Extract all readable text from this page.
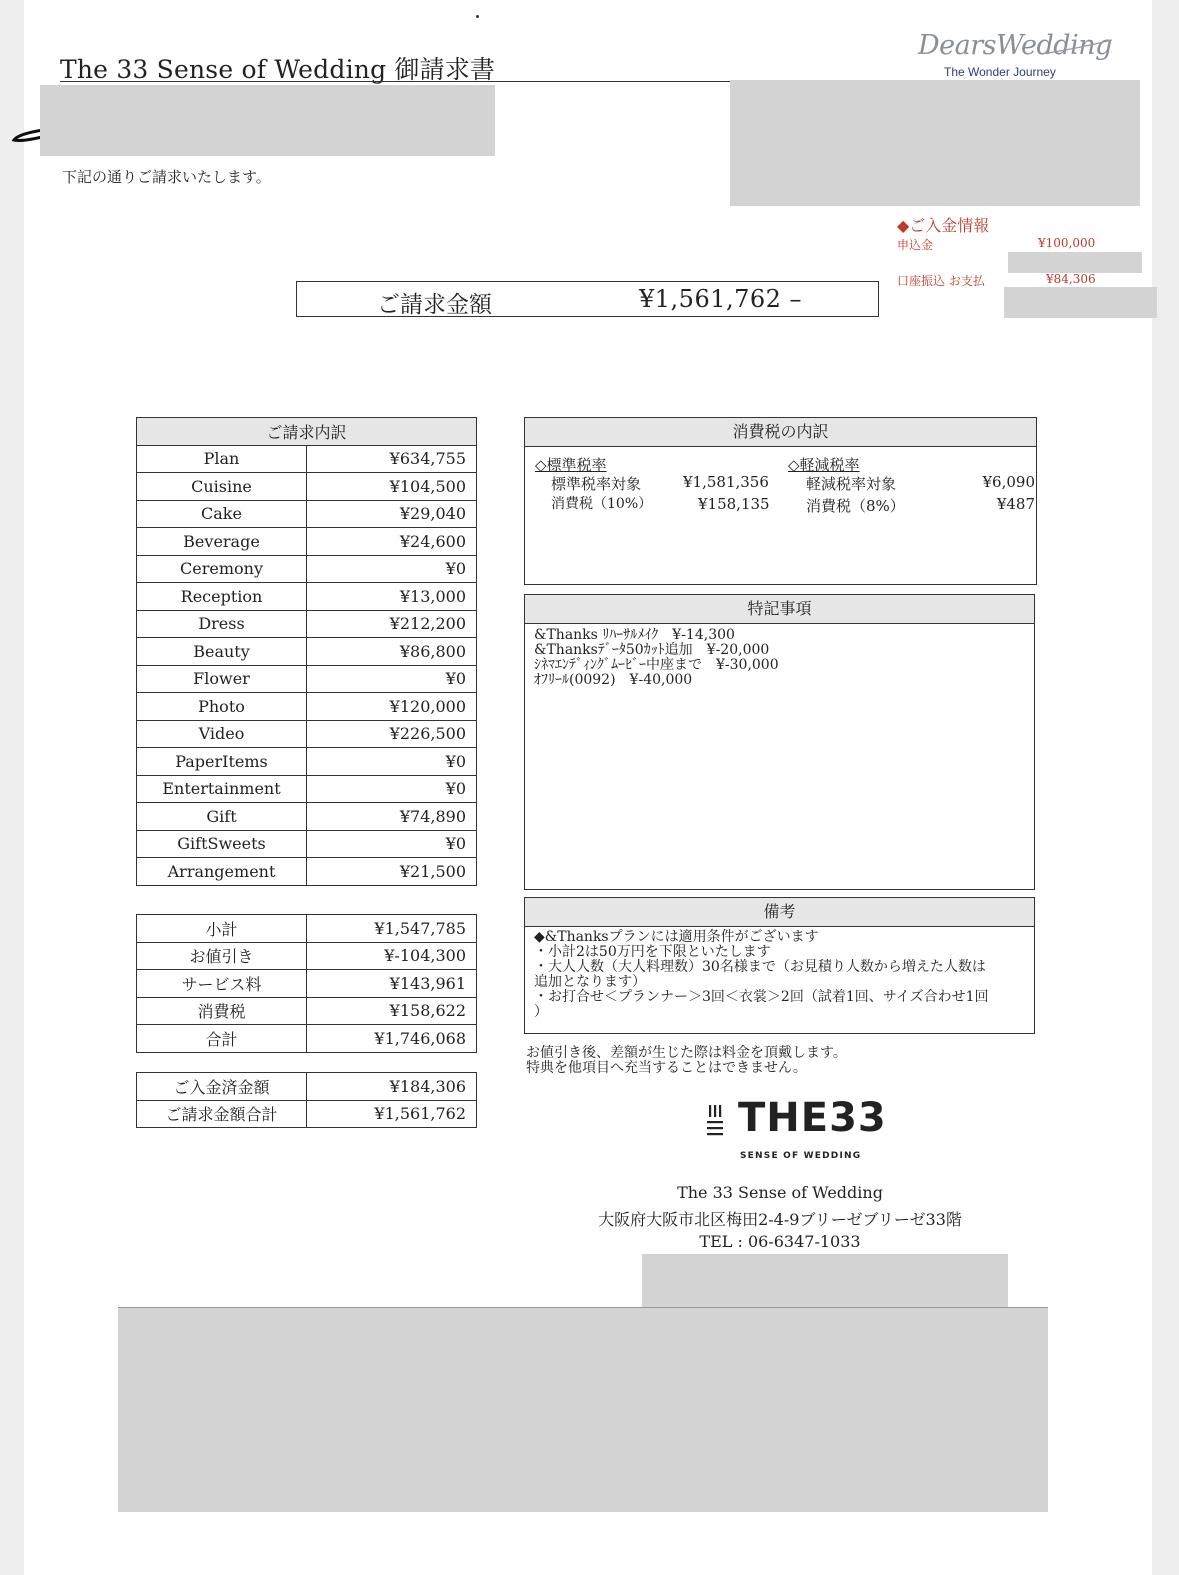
The 33 Sense of Wedding 御請求書
下記の通りご請求いたします。
DearsWedding
The Wonder Journey
◆ご入金情報
申込金	¥100,000
口座振込 お支払	¥84,306
ご請求金額	¥1,561,762 –
ご請求内訳	
Plan	¥634,755
Cuisine	¥104,500
Cake	¥29,040
Beverage	¥24,600
Ceremony	¥0
Reception	¥13,000
Dress	¥212,200
Beauty	¥86,800
Flower	¥0
Photo	¥120,000
Video	¥226,500
PaperItems	¥0
Entertainment	¥0
Gift	¥74,890
GiftSweets	¥0
Arrangement	¥21,500
小計	¥1,547,785
お値引き	¥-104,300
サービス料	¥143,961
消費税	¥158,622
合計	¥1,746,068
ご入金済金額	¥184,306
ご請求金額合計	¥1,561,762
消費税の内訳
◇標準税率
標準税率対象	¥1,581,356
消費税（10%）	¥158,135
◇軽減税率
軽減税率対象	¥6,090
消費税（8%）	¥487
特記事項
&Thanks ﾘﾊｰｻﾙﾒｲｸ　¥-14,300
&Thanksﾃﾞｰﾀ50ｶｯﾄ追加　¥-20,000
ｼﾈﾏｴﾝﾃﾞｨﾝｸﾞﾑｰﾋﾞｰ中座まで　¥-30,000
ｵﾌﾘｰﾙ(0092)　¥-40,000
備考
◆&Thanksプランには適用条件がございます
・小計2は50万円を下限といたします
・大人人数（大人料理数）30名様まで（お見積り人数から増えた人数は
追加となります）
・お打合せ＜プランナー＞3回＜衣裳＞2回（試着1回、サイズ合わせ1回
）
お値引き後、差額が生じた際は料金を頂戴します。
特典を他項目へ充当することはできません。
THE33
SENSE OF WEDDING
The 33 Sense of Wedding
大阪府大阪市北区梅田2-4-9ブリーゼブリーゼ33階
TEL : 06-6347-1033
